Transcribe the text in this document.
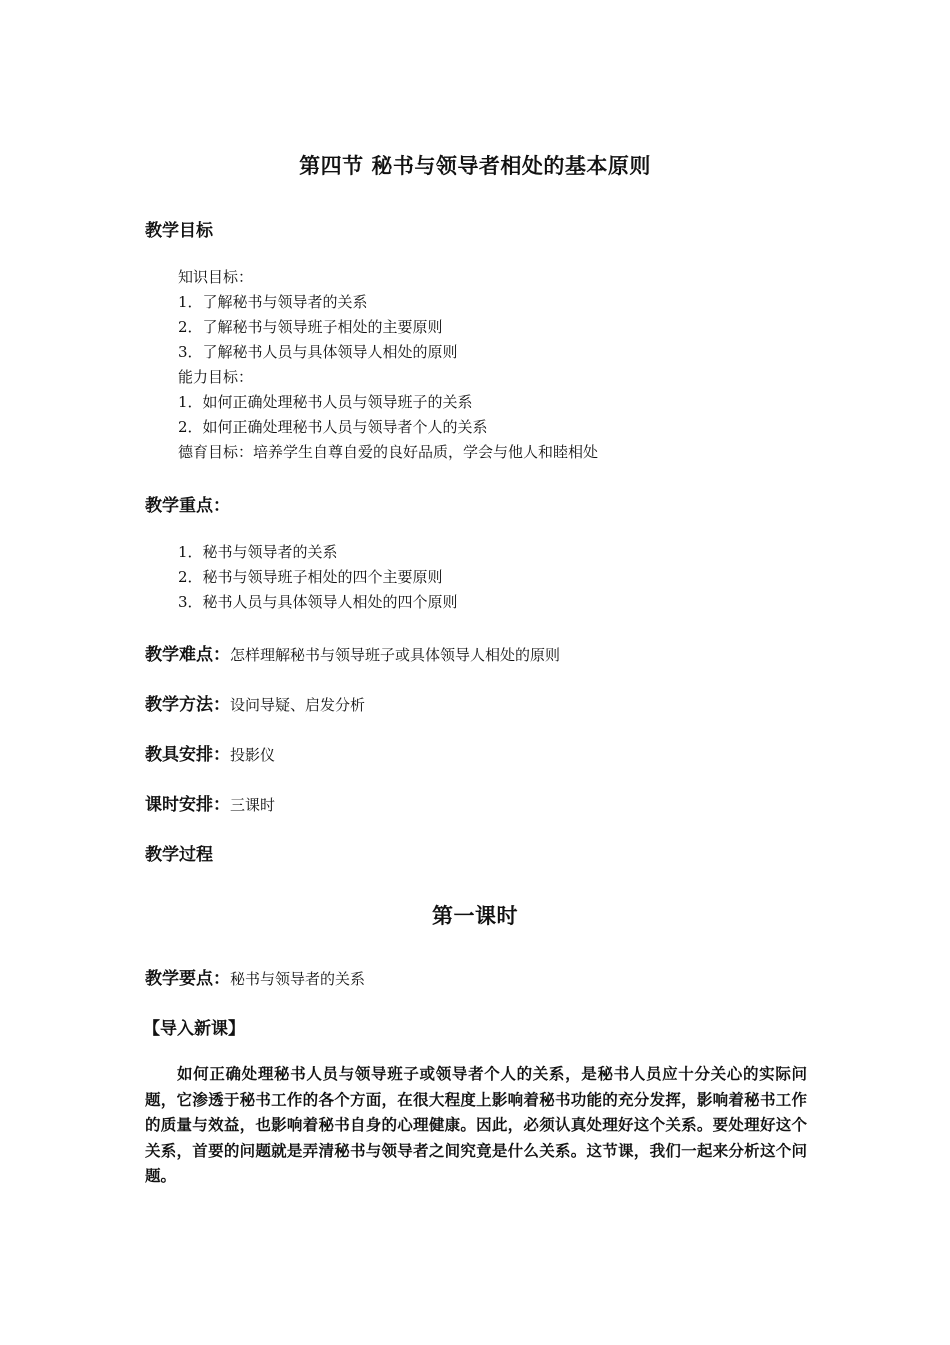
第四节 秘书与领导者相处的基本原则
教学目标
知识目标：
1．了解秘书与领导者的关系
2．了解秘书与领导班子相处的主要原则
3．了解秘书人员与具体领导人相处的原则
能力目标：
1．如何正确处理秘书人员与领导班子的关系
2．如何正确处理秘书人员与领导者个人的关系
德育目标：培养学生自尊自爱的良好品质，学会与他人和睦相处
教学重点：
1．秘书与领导者的关系
2．秘书与领导班子相处的四个主要原则
3．秘书人员与具体领导人相处的四个原则
教学难点：怎样理解秘书与领导班子或具体领导人相处的原则
教学方法：设问导疑、启发分析
教具安排：投影仪
课时安排：三课时
教学过程
第一课时
教学要点：秘书与领导者的关系
【导入新课】
如何正确处理秘书人员与领导班子或领导者个人的关系，是秘书人员应十分关心的实际问题，它渗透于秘书工作的各个方面，在很大程度上影响着秘书功能的充分发挥，影响着秘书工作的质量与效益，也影响着秘书自身的心理健康。因此，必须认真处理好这个关系。要处理好这个关系，首要的问题就是弄清秘书与领导者之间究竟是什么关系。这节课，我们一起来分析这个问题。
